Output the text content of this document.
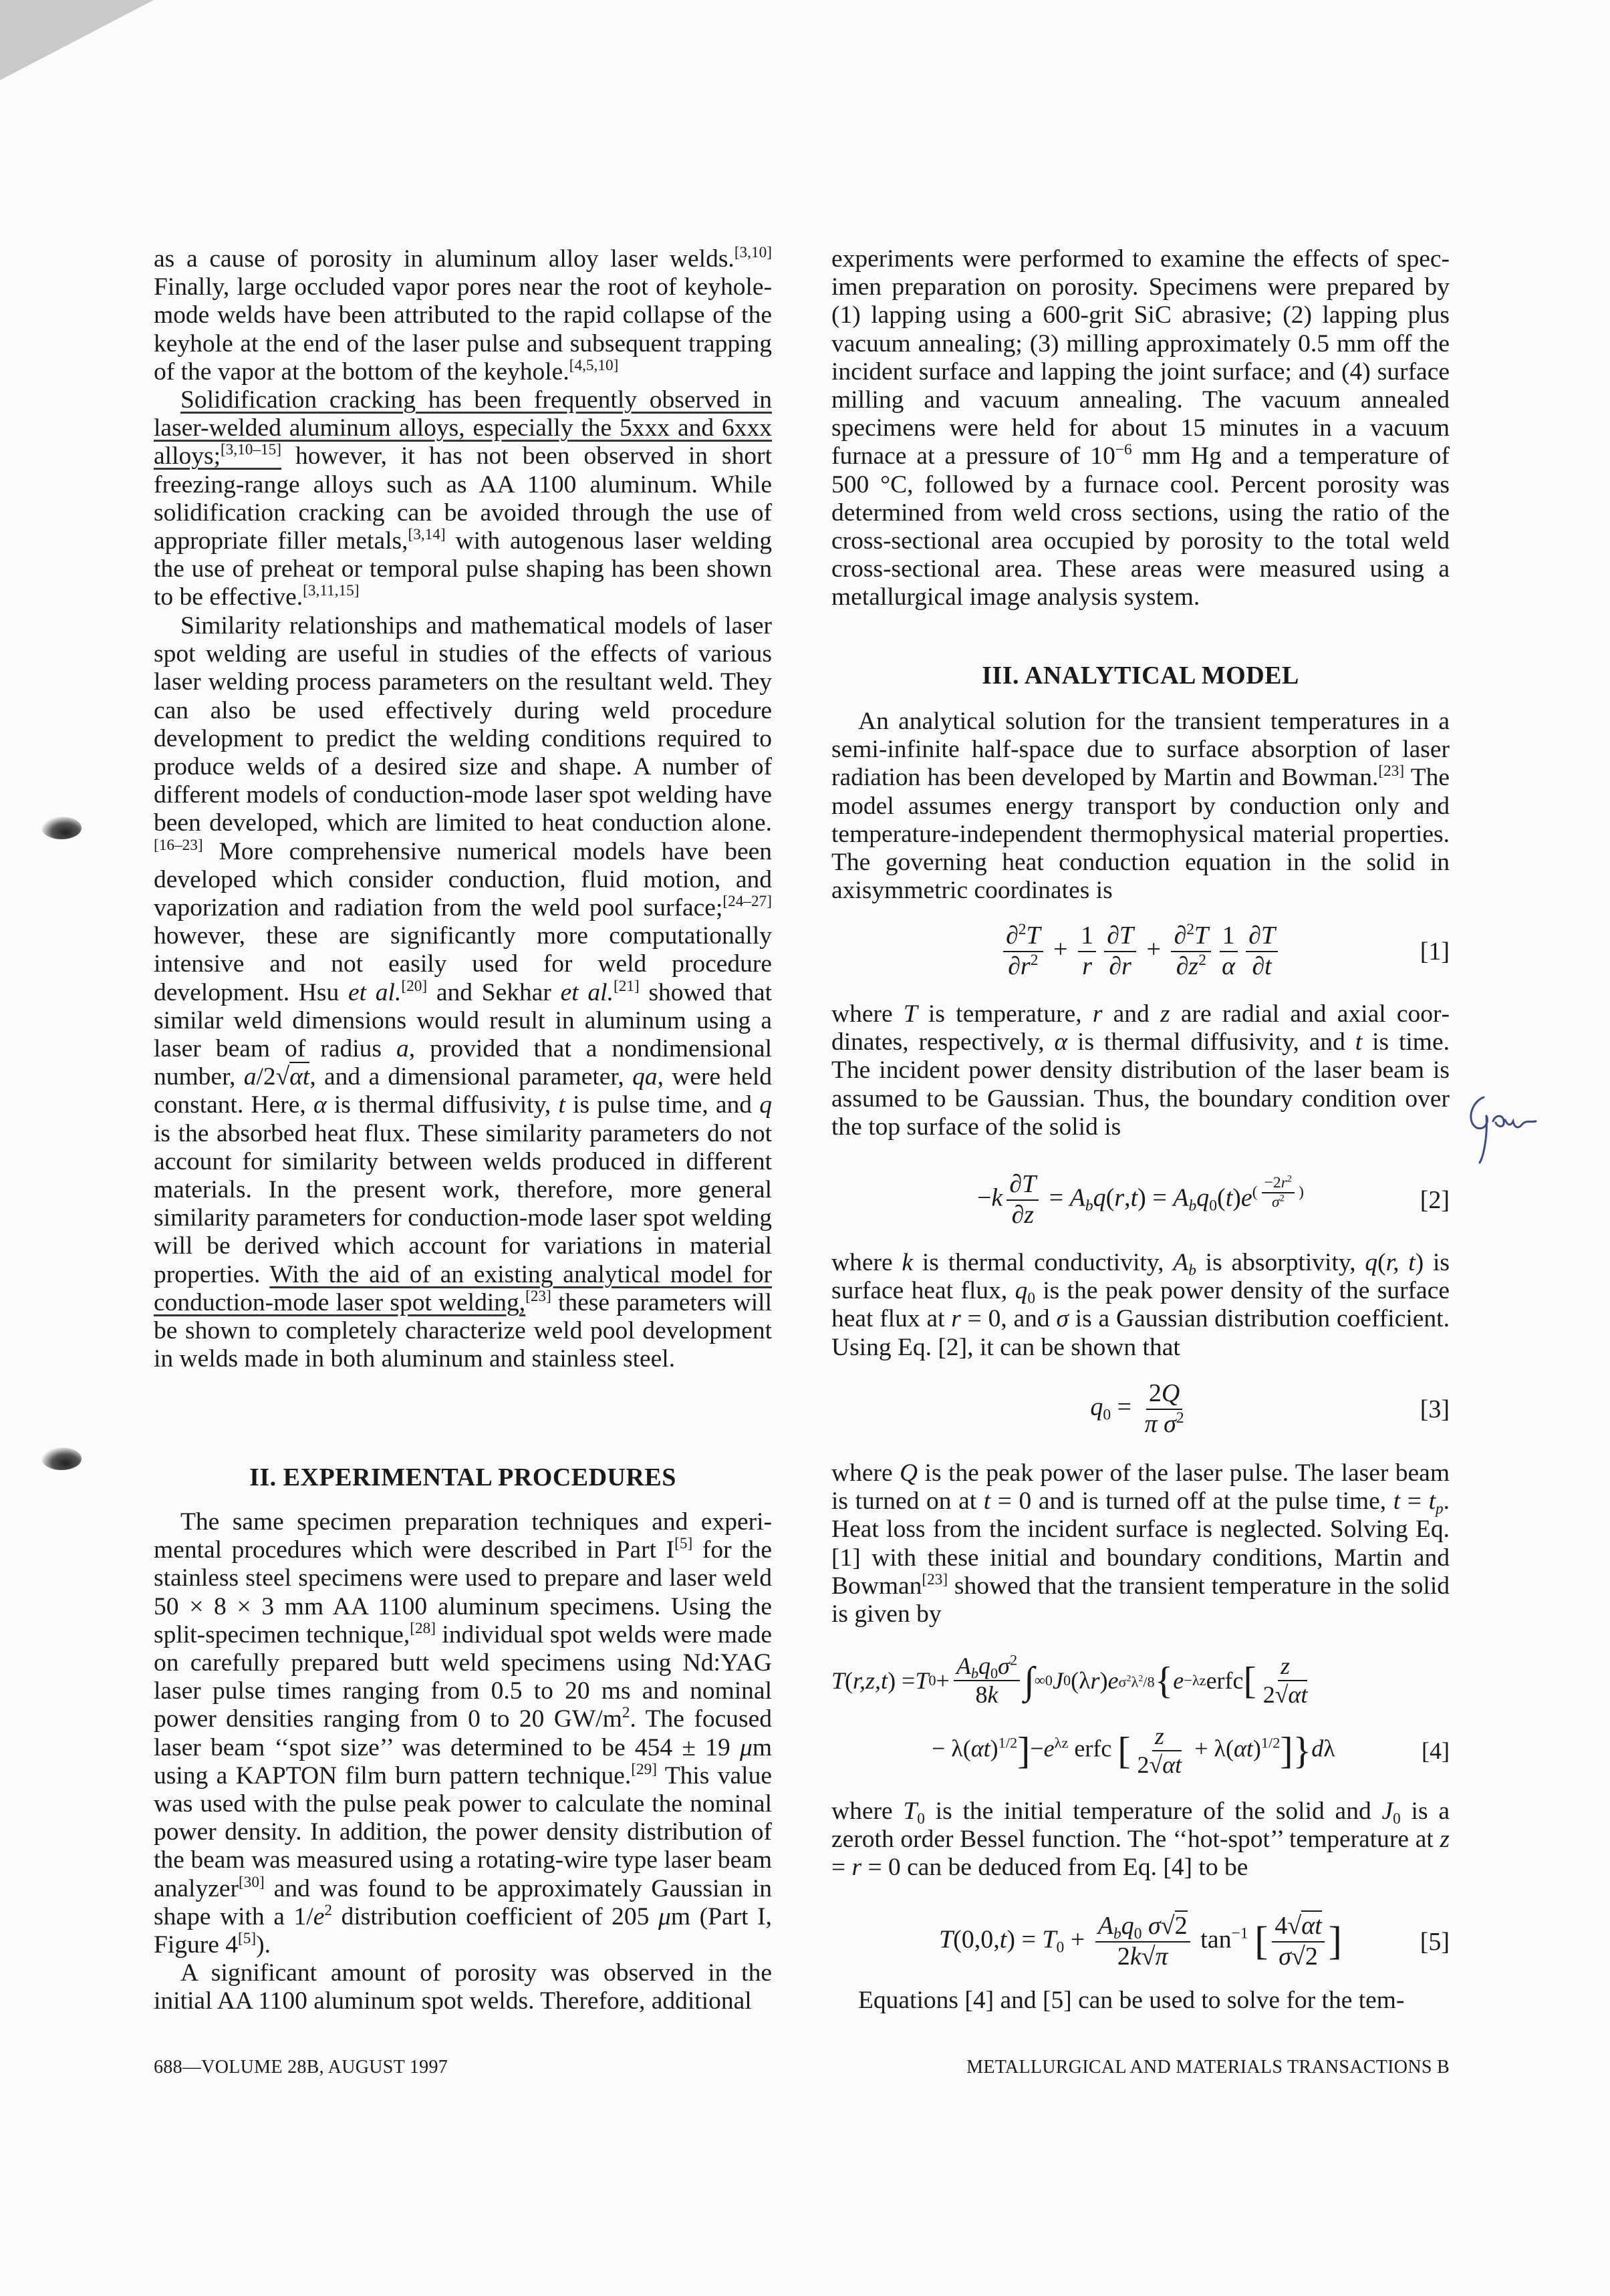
as a cause of porosity in aluminum alloy laser welds.[3,10] Finally, large occluded vapor pores near the root of keyhole-mode welds have been attributed to the rapid collapse of the keyhole at the end of the laser pulse and subsequent trapping of the vapor at the bottom of the keyhole.[4,5,10]
Solidification cracking has been frequently observed in laser-welded aluminum alloys, especially the 5xxx and 6xxx alloys;[3,10–15] however, it has not been observed in short freezing-range alloys such as AA 1100 aluminum. While solidification cracking can be avoided through the use of appropriate filler metals,[3,14] with autogenous laser welding the use of preheat or temporal pulse shaping has been shown to be effective.[3,11,15]
Similarity relationships and mathematical models of laser spot welding are useful in studies of the effects of various laser welding process parameters on the resultant weld. They can also be used effectively during weld procedure development to predict the welding conditions required to produce welds of a desired size and shape. A number of different models of conduction-mode laser spot welding have been developed, which are limited to heat conduction alone.[16–23] More comprehensive numerical models have been developed which consider conduction, fluid motion, and vaporization and radiation from the weld pool surface;[24–27] however, these are significantly more computationally intensive and not easily used for weld procedure development. Hsu et al.[20] and Sekhar et al.[21] showed that similar weld dimensions would result in aluminum using a laser beam of radius a, provided that a nondimensional number, a/2√αt, and a dimensional parameter, qa, were held constant. Here, α is thermal diffusivity, t is pulse time, and q is the absorbed heat flux. These similarity parameters do not account for similarity between welds produced in different materials. In the present work, therefore, more general similarity parameters for conduction-mode laser spot welding will be derived which account for variations in material properties. With the aid of an existing analytical model for conduction-mode laser spot welding,[23] these parameters will be shown to completely characterize weld pool development in welds made in both aluminum and stainless steel.
II. EXPERIMENTAL PROCEDURES
The same specimen preparation techniques and experimental procedures which were described in Part I[5] for the stainless steel specimens were used to prepare and laser weld 50 × 8 × 3 mm AA 1100 aluminum specimens. Using the split-specimen technique,[28] individual spot welds were made on carefully prepared butt weld specimens using Nd:YAG laser pulse times ranging from 0.5 to 20 ms and nominal power densities ranging from 0 to 20 $GW/m^2$. The focused laser beam ‘‘spot size’’ was determined to be 454 ± 19 μm using a KAPTON film burn pattern technique.[29] This value was used with the pulse peak power to calculate the nominal power density. In addition, the power density distribution of the beam was measured using a rotating-wire type laser beam analyzer[30] and was found to be approximately Gaussian in shape with a $1/e^2$ distribution coefficient of 205 μm (Part I, Figure 4[5]).
A significant amount of porosity was observed in the initial AA 1100 aluminum spot welds. Therefore, additional
experiments were performed to examine the effects of specimen preparation on porosity. Specimens were prepared by (1) lapping using a 600-grit SiC abrasive; (2) lapping plus vacuum annealing; (3) milling approximately 0.5 mm off the incident surface and lapping the joint surface; and (4) surface milling and vacuum annealing. The vacuum annealed specimens were held for about 15 minutes in a vacuum furnace at a pressure of $10^{-6}$ mm Hg and a temperature of 500 °C, followed by a furnace cool. Percent porosity was determined from weld cross sections, using the ratio of the cross-sectional area occupied by porosity to the total weld cross-sectional area. These areas were measured using a metallurgical image analysis system.
III. ANALYTICAL MODEL
An analytical solution for the transient temperatures in a semi-infinite half-space due to surface absorption of laser radiation has been developed by Martin and Bowman.[23] The model assumes energy transport by conduction only and temperature-independent thermophysical material properties. The governing heat conduction equation in the solid in axisymmetric coordinates is
$\frac{\partial^2T}{\partial r^2} + \frac{1}{r} \frac{\partial T}{\partial r} + \frac{\partial^2T}{\partial z^2} \frac{1}{\alpha} \frac{\partial T}{\partial t}$	[1]
where T is temperature, r and z are radial and axial coordinates, respectively, α is thermal diffusivity, and t is time. The incident power density distribution of the laser beam is assumed to be Gaussian. Thus, the boundary condition over the top surface of the solid is
$-k \frac{\partial T}{\partial z} = A_bq(r,t) = A_bq_0(t)e^{( \frac{-2r^2}{\sigma^2} )}$	[2]
where k is thermal conductivity, $A_b$ is absorptivity, q(r, t) is surface heat flux, $q_0$ is the peak power density of the surface heat flux at r = 0, and σ is a Gaussian distribution coefficient. Using Eq. [2], it can be shown that
$q_0 = \frac{2Q}{\pi \sigma^2}$	[3]
where Q is the peak power of the laser pulse. The laser beam is turned on at t = 0 and is turned off at the pulse time, $t = t_p$. Heat loss from the incident surface is neglected. Solving Eq. [1] with these initial and boundary conditions, Martin and Bowman[23] showed that the transient temperature in the solid is given by
T ( r,z,t ) = T $0 + \frac{A_bq_0\sigma^2}{8k}$ ∫ ∞ 0 J 0 (λ r ) e $\sigma^2\lambda^2/8$ { e −λz erfc [ $\frac{z}{2√\alpha t}$
− $\lambda(\alpha t)^{1/2}]-e^{\lambda z}$ erfc [ $\frac{z}{2√\alpha t} + \lambda(\alpha t)^{1/2}]\}d\lambda$	[4]
where $T_0$ is the initial temperature of the solid and $J_0$ is a zeroth order Bessel function. The ‘‘hot-spot’’ temperature at z = r = 0 can be deduced from Eq. [4] to be
$T(0,0,t) = T_0 + \frac{A_bq_0 \sigma√2}{2k√\pi} \tan^{-1}$ [ $\frac{4√\alpha t}{\sigma√2}$ ]	[5]
Equations [4] and [5] can be used to solve for the tem-
688—VOLUME 28B, AUGUST 1997	METALLURGICAL AND MATERIALS TRANSACTIONS B
